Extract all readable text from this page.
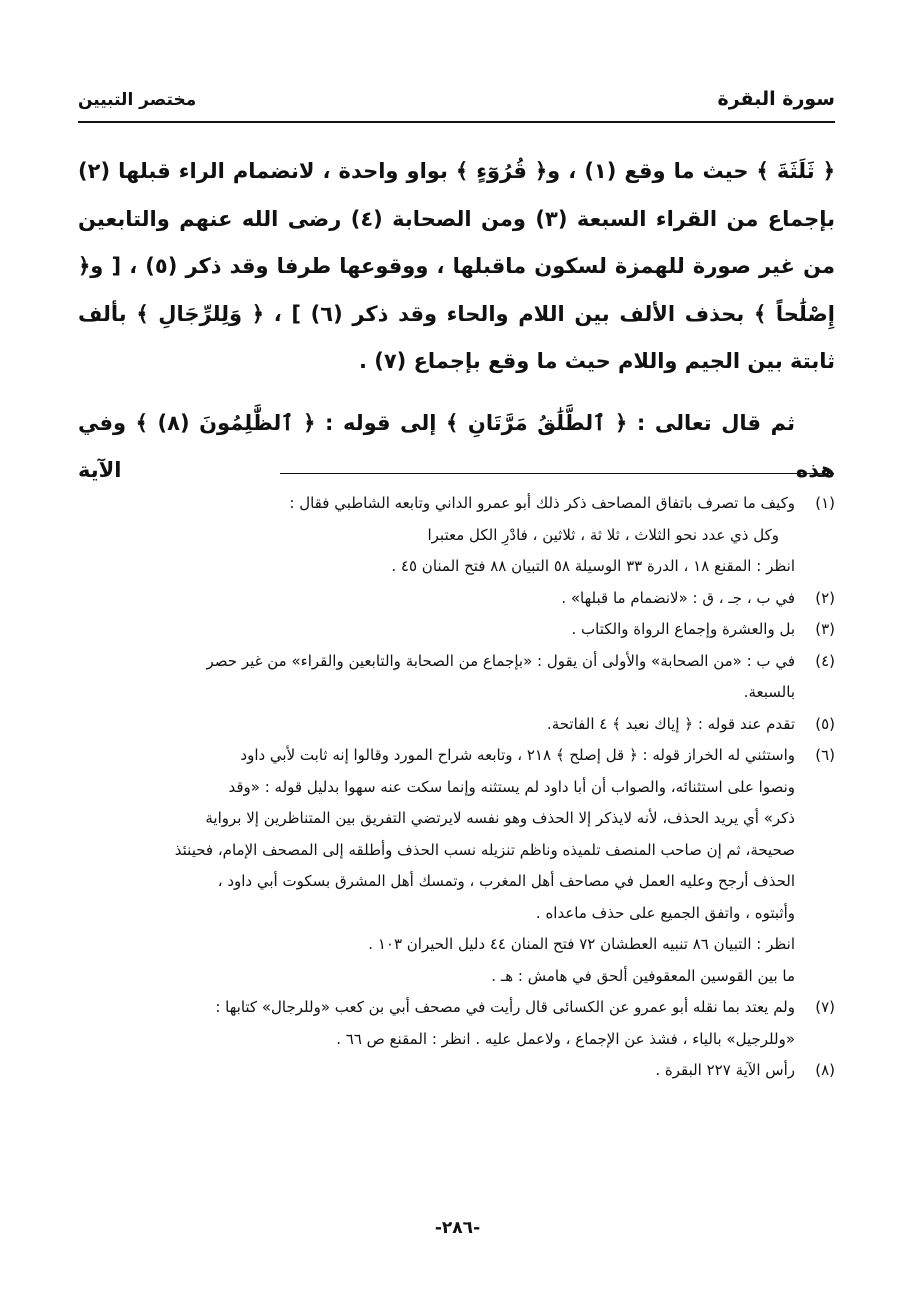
سورة البقرة
مختصر التبيين

﴿ ثَلَثَةَ ﴾ حيث ما وقع (١) ، و﴿ قُرُوٓءٍ ﴾ بواو واحدة ، لانضمام الراء قبلها (٢) بإجماع من القراء السبعة (٣) ومن الصحابة (٤) رضى الله عنهم والتابعين من غير صورة للهمزة لسكون ماقبلها ، ووقوعها طرفا وقد ذكر (٥) ، [ و﴿ إِصْلَٰحاً ﴾ بحذف الألف بين اللام والحاء وقد ذكر (٦) ] ، ﴿ وَلِلرِّجَالِ ﴾ بألف ثابتة بين الجيم واللام حيث ما وقع بإجماع (٧) .

ثم قال تعالى : ﴿ ٱلطَّلَٰقُ مَرَّتَانِ ﴾ إلى قوله : ﴿ ٱلظَّٰلِمُونَ (٨) ﴾ وفي هذه الآية

(١)
وكيف ما تصرف باتفاق المصاحف ذكر ذلك أبو عمرو الداني وتابعه الشاطبي فقال :
وكل ذي عدد نحو الثلاث ، ثلا ثة ، ثلاثين ، فادْرِ الكل معتبرا
انظر : المقنع ١٨ ، الدرة ٣٣ الوسيلة ٥٨ التبيان ٨٨ فتح المنان ٤٥ .
(٢)
في ب ، جـ ، ق : «لانضمام ما قبلها» .
(٣)
بل والعشرة وإجماع الرواة والكتاب .
(٤)
في ب : «من الصحابة» والأولى أن يقول : «بإجماع من الصحابة والتابعين والقراء» من غير حصر
بالسبعة.
(٥)
تقدم عند قوله : ﴿ إياك نعبد ﴾ ٤ الفاتحة.
(٦)
واستثني له الخراز قوله : ﴿ قل إصلح ﴾ ٢١٨ ، وتابعه شراح المورد وقالوا إنه ثابت لأبي داود
ونصوا على استثنائه، والصواب أن أبا داود لم يستثنه وإنما سكت عنه سهوا بدليل قوله : «وقد
ذكر» أي يريد الحذف، لأنه لايذكر إلا الحذف وهو نفسه لايرتضي التفريق بين المتناظرين إلا برواية
صحيحة، ثم إن صاحب المنصف تلميذه وناظم تنزيله نسب الحذف وأطلقه إلى المصحف الإمام، فحينئذ
الحذف أرجح وعليه العمل في مصاحف أهل المغرب ، وتمسك أهل المشرق بسكوت أبي داود ،
وأثبتوه ، واتفق الجميع على حذف ماعداه .
انظر : التبيان ٨٦ تنبيه العطشان ٧٢ فتح المنان ٤٤ دليل الحيران ١٠٣ .
ما بين القوسين المعقوفين ألحق في هامش : هـ .
(٧)
ولم يعتد بما نقله أبو عمرو عن الكسائى قال رأيت في مصحف أبي بن كعب «وللرجال» كتابها :
«وللرجيل» بالياء ، فشذ عن الإجماع ، ولاعمل عليه . انظر : المقنع ص ٦٦ .
(٨)
رأس الآية ٢٢٧ البقرة .
-٢٨٦-
